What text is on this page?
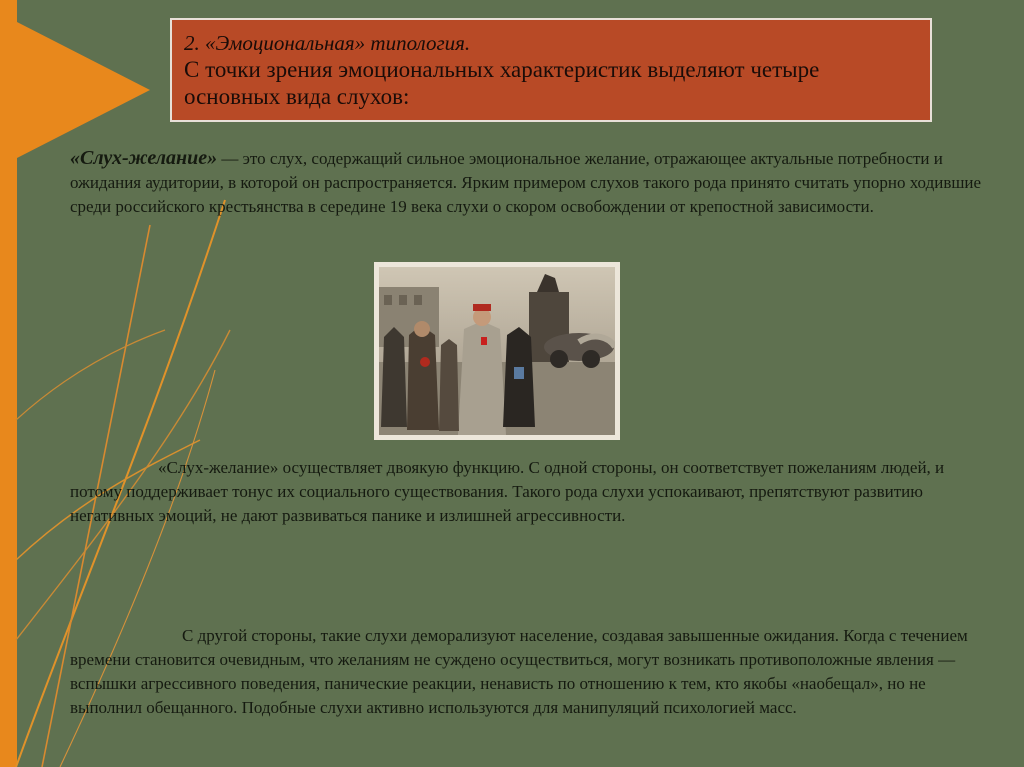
2. «Эмоциональная» типология.
С точки зрения эмоциональных характеристик выделяют четыре основных вида слухов:
«Слух-желание» — это слух, содержащий сильное эмоциональное желание, отражающее актуальные потребности и ожидания аудитории, в которой он распространяется. Ярким примером слухов такого рода принято считать упорно ходившие среди российского крестьянства в середине 19 века слухи о скором освобождении от крепостной зависимости.
«Слух-желание» осуществляет двоякую функцию. С одной стороны, он соответствует пожеланиям людей, и потому поддерживает тонус их социального существования. Такого рода слухи успокаивают, препятствуют развитию негативных эмоций, не дают развиваться панике и излишней агрессивности.
С другой стороны, такие слухи деморализуют население, создавая завышенные ожидания. Когда с течением времени становится очевидным, что желаниям не суждено осуществиться, могут возникать противоположные явления — вспышки агрессивного поведения, панические реакции, ненависть по отношению к тем, кто якобы «наобещал», но не выполнил обещанного. Подобные слухи активно используются для манипуляций психологией масс.
